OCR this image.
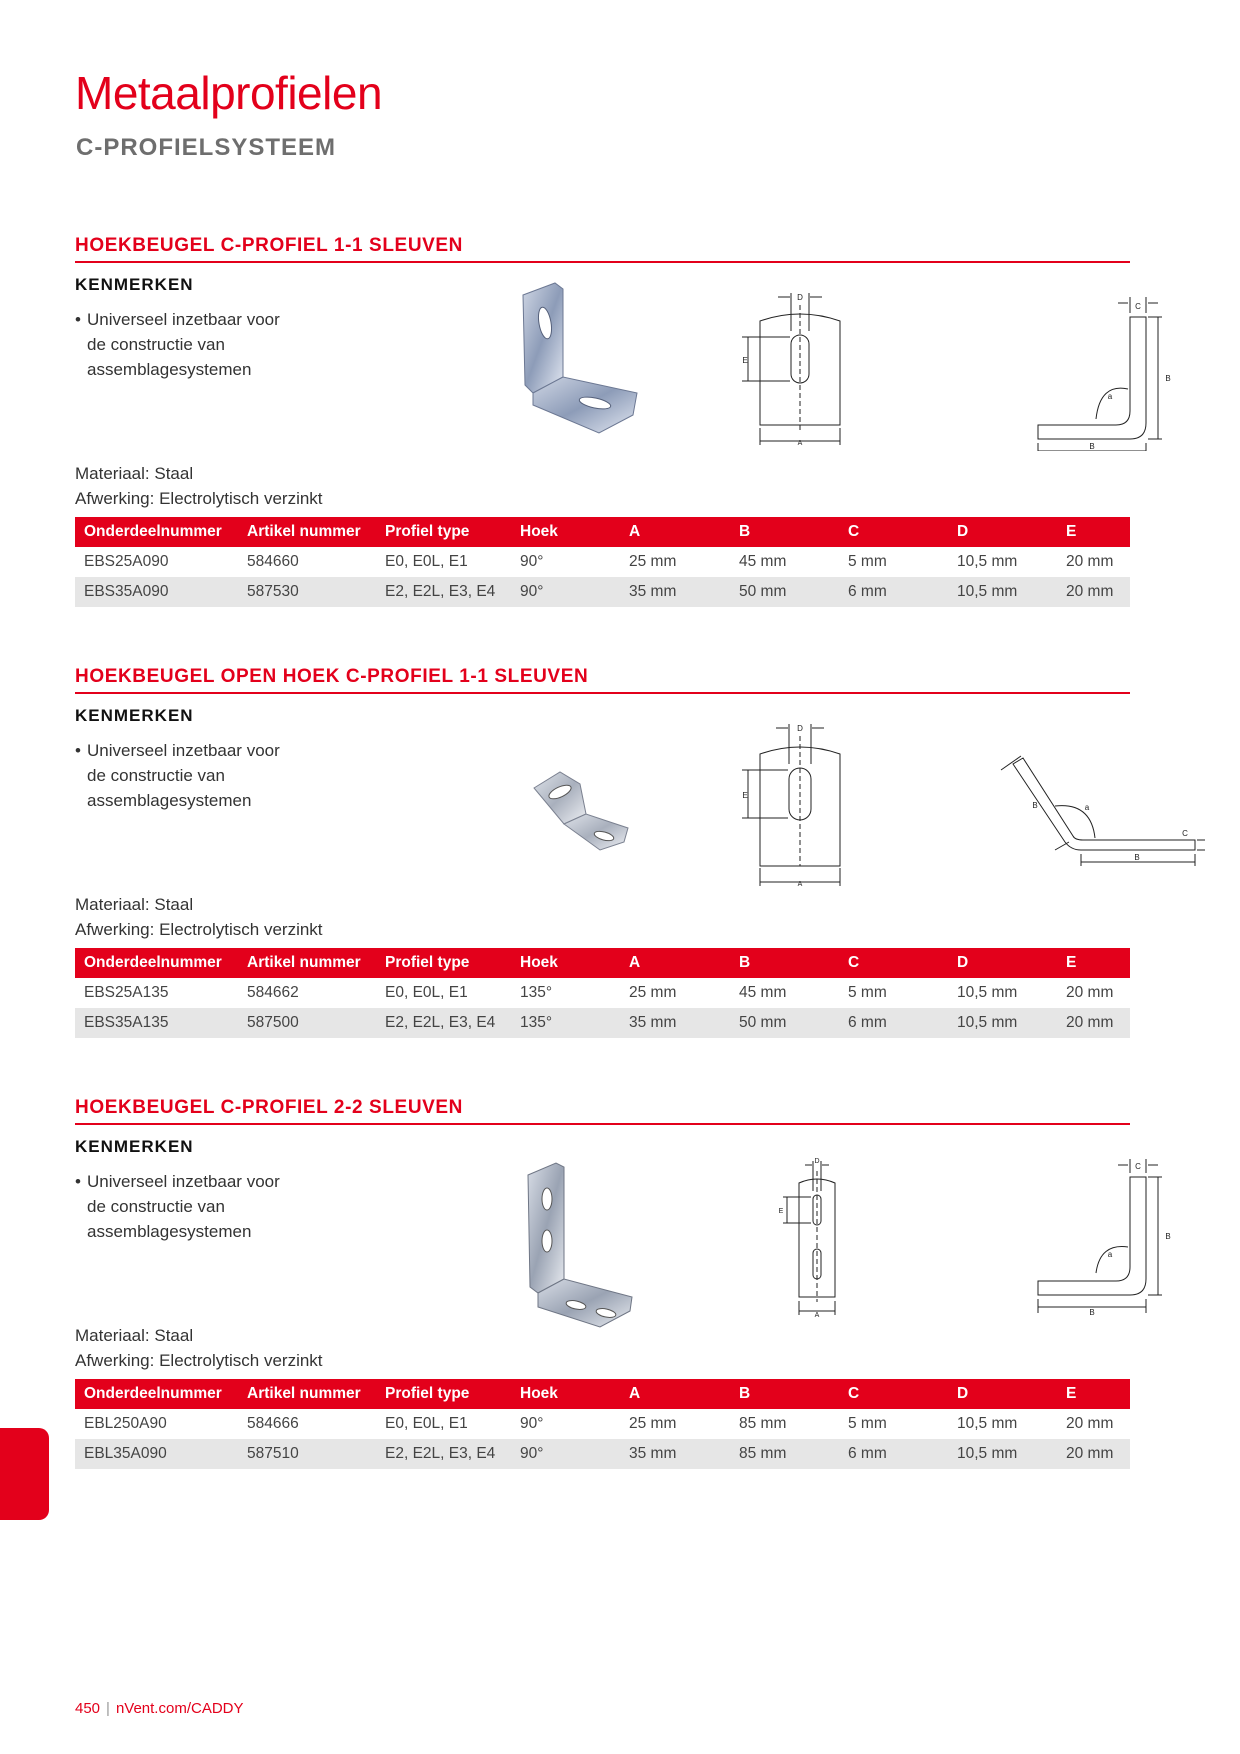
Metaalprofielen
C-PROFIELSYSTEEM
HOEKBEUGEL C-PROFIEL 1-1 SLEUVEN
KENMERKEN
• Universeel inzetbaar voor de constructie van assemblagesystemen
D
E
A
C
B
B
a
Materiaal: Staal
Afwerking: Electrolytisch verzinkt
Onderdeelnummer	Artikel nummer	Profiel type	Hoek	A	B	C	D	E
EBS25A090	584660	E0, E0L, E1	90°	25 mm	45 mm	5 mm	10,5 mm	20 mm
EBS35A090	587530	E2, E2L, E3, E4	90°	35 mm	50 mm	6 mm	10,5 mm	20 mm
HOEKBEUGEL OPEN HOEK C-PROFIEL 1-1 SLEUVEN
KENMERKEN
• Universeel inzetbaar voor de constructie van assemblagesystemen
D
E
A
B	a
C
B
Materiaal: Staal
Afwerking: Electrolytisch verzinkt
Onderdeelnummer	Artikel nummer	Profiel type	Hoek	A	B	C	D	E
EBS25A135	584662	E0, E0L, E1	135°	25 mm	45 mm	5 mm	10,5 mm	20 mm
EBS35A135	587500	E2, E2L, E3, E4	135°	35 mm	50 mm	6 mm	10,5 mm	20 mm
HOEKBEUGEL C-PROFIEL 2-2 SLEUVEN
KENMERKEN
• Universeel inzetbaar voor de constructie van assemblagesystemen
D
E
A
C
B
B
a
Materiaal: Staal
Afwerking: Electrolytisch verzinkt
Onderdeelnummer	Artikel nummer	Profiel type	Hoek	A	B	C	D	E
EBL250A90	584666	E0, E0L, E1	90°	25 mm	85 mm	5 mm	10,5 mm	20 mm
EBL35A090	587510	E2, E2L, E3, E4	90°	35 mm	85 mm	6 mm	10,5 mm	20 mm
450 | nVent.com/CADDY
